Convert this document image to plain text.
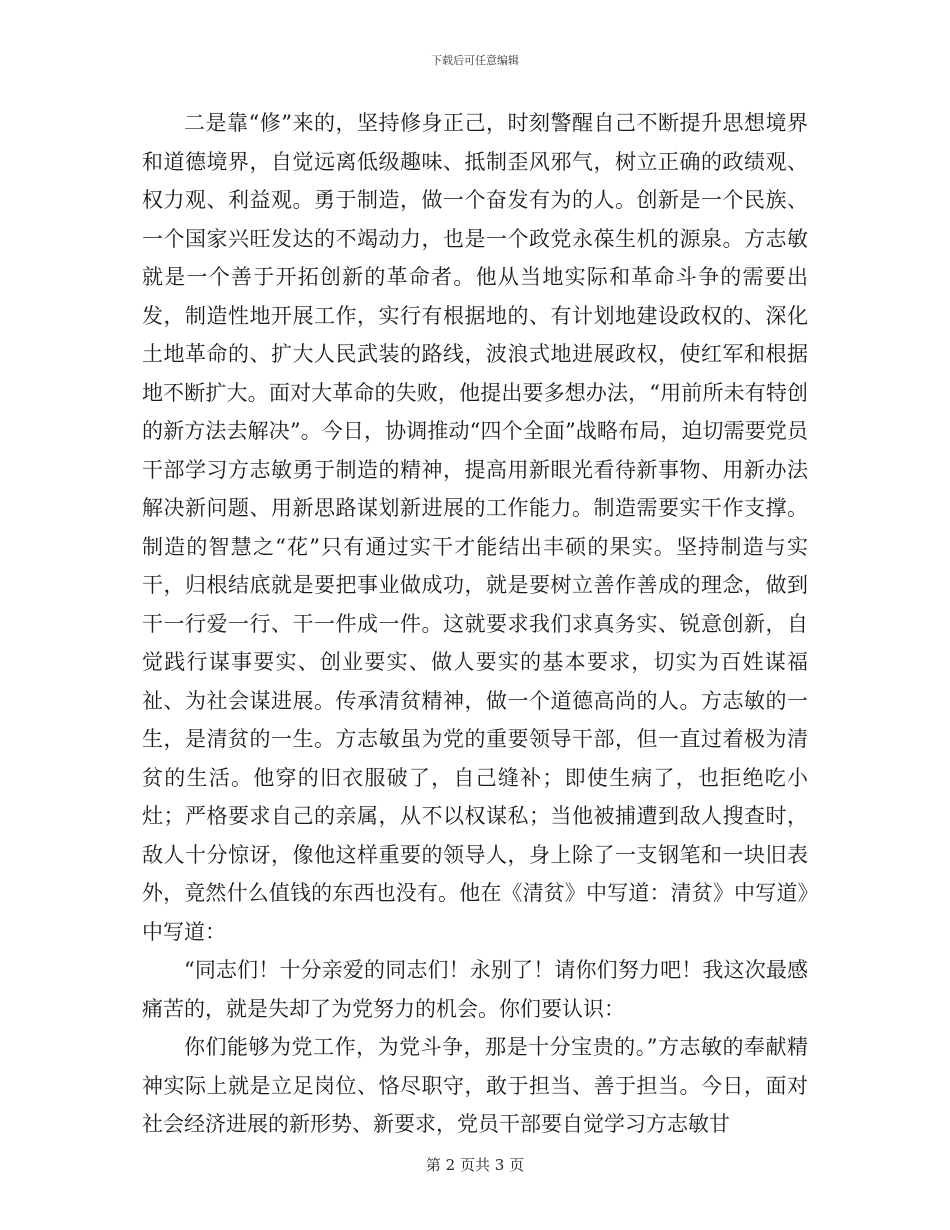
下载后可任意编辑

二是靠“修”来的，坚持修身正己，时刻警醒自己不断提升思想境界和道德境界，自觉远离低级趣味、抵制歪风邪气，树立正确的政绩观、权力观、利益观。勇于制造，做一个奋发有为的人。创新是一个民族、一个国家兴旺发达的不竭动力，也是一个政党永葆生机的源泉。方志敏就是一个善于开拓创新的革命者。他从当地实际和革命斗争的需要出发，制造性地开展工作，实行有根据地的、有计划地建设政权的、深化土地革命的、扩大人民武装的路线，波浪式地进展政权，使红军和根据地不断扩大。面对大革命的失败，他提出要多想办法，“用前所未有特创的新方法去解决”。今日，协调推动“四个全面”战略布局，迫切需要党员干部学习方志敏勇于制造的精神，提高用新眼光看待新事物、用新办法解决新问题、用新思路谋划新进展的工作能力。制造需要实干作支撑。制造的智慧之“花”只有通过实干才能结出丰硕的果实。坚持制造与实干，归根结底就是要把事业做成功，就是要树立善作善成的理念，做到干一行爱一行、干一件成一件。这就要求我们求真务实、锐意创新，自觉践行谋事要实、创业要实、做人要实的基本要求，切实为百姓谋福祉、为社会谋进展。传承清贫精神，做一个道德高尚的人。方志敏的一生，是清贫的一生。方志敏虽为党的重要领导干部，但一直过着极为清贫的生活。他穿的旧衣服破了，自己缝补；即使生病了，也拒绝吃小灶；严格要求自己的亲属，从不以权谋私；当他被捕遭到敌人搜查时，敌人十分惊讶，像他这样重要的领导人，身上除了一支钢笔和一块旧表外，竟然什么值钱的东西也没有。他在《清贫》中写道：清贫》中写道》中写道：

“同志们！十分亲爱的同志们！永别了！请你们努力吧！我这次最感痛苦的，就是失却了为党努力的机会。你们要认识：

你们能够为党工作，为党斗争，那是十分宝贵的。”方志敏的奉献精神实际上就是立足岗位、恪尽职守，敢于担当、善于担当。今日，面对社会经济进展的新形势、新要求，党员干部要自觉学习方志敏甘

第 2 页共 3 页
